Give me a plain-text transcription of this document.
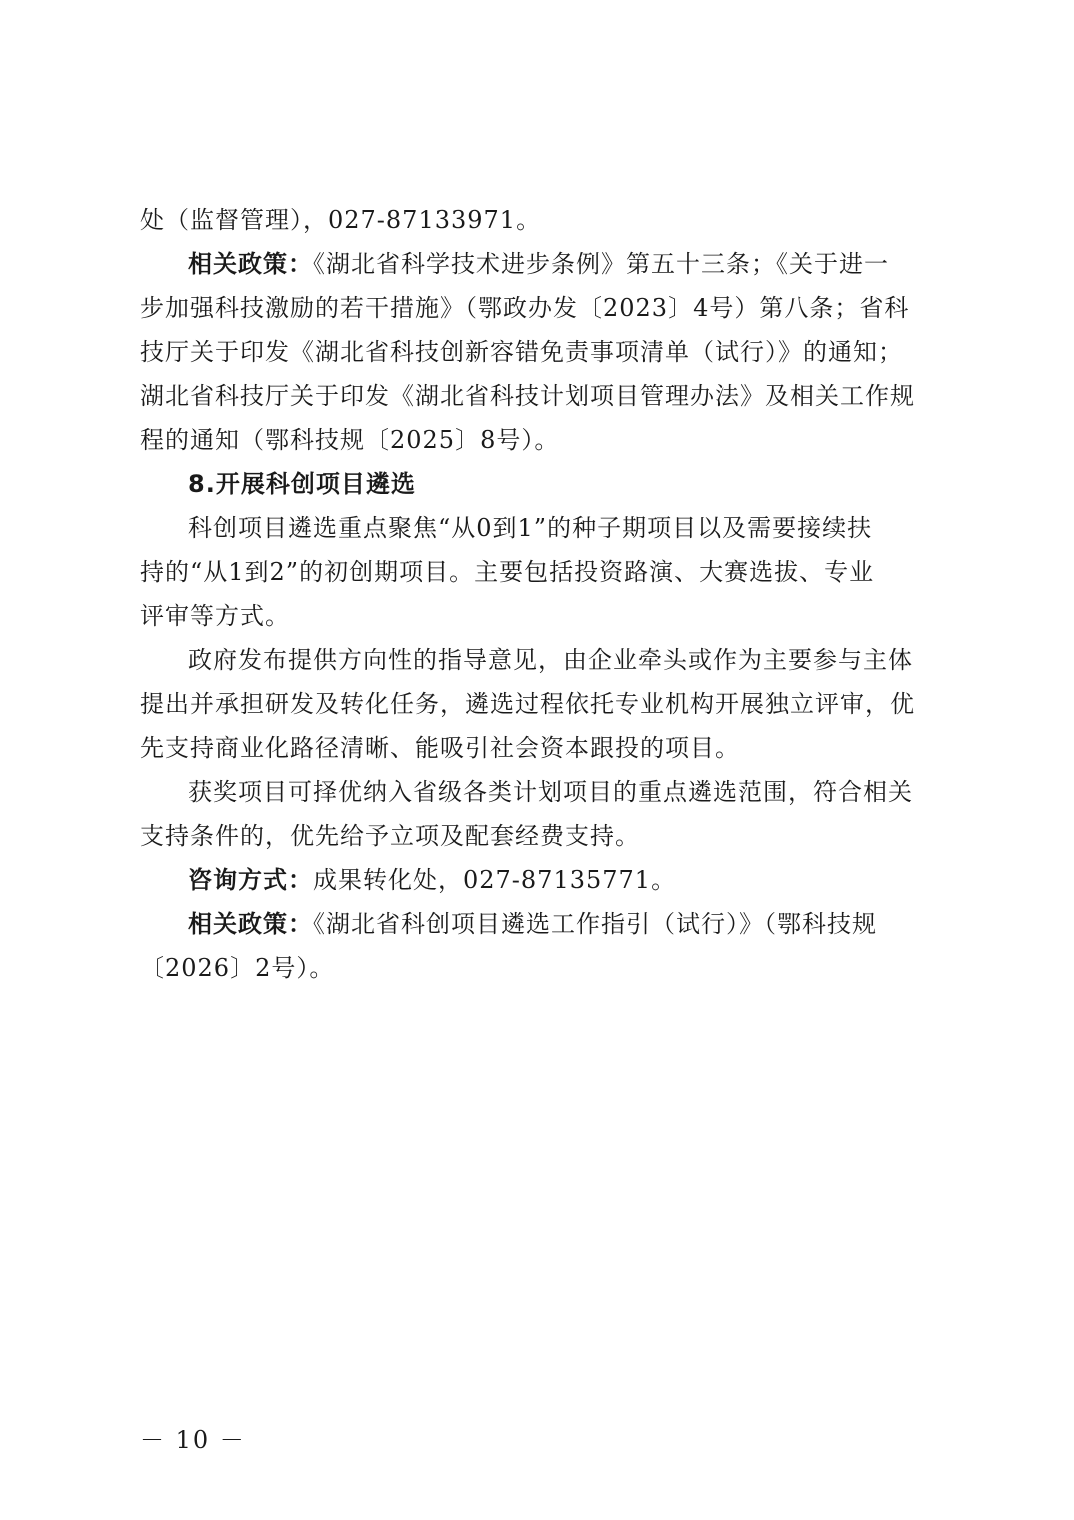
处（监督管理），027-87133971。
相关政策：《湖北省科学技术进步条例》第五十三条；《关于进一
步加强科技激励的若干措施》（鄂政办发〔2023〕4号）第八条；省科
技厅关于印发《湖北省科技创新容错免责事项清单（试行）》的通知；
湖北省科技厅关于印发《湖北省科技计划项目管理办法》及相关工作规
程的通知（鄂科技规〔2025〕8号）。
8.开展科创项目遴选
科创项目遴选重点聚焦“从0到1”的种子期项目以及需要接续扶
持的“从1到2”的初创期项目。主要包括投资路演、大赛选拔、专业
评审等方式。
政府发布提供方向性的指导意见，由企业牵头或作为主要参与主体
提出并承担研发及转化任务，遴选过程依托专业机构开展独立评审，优
先支持商业化路径清晰、能吸引社会资本跟投的项目。
获奖项目可择优纳入省级各类计划项目的重点遴选范围，符合相关
支持条件的，优先给予立项及配套经费支持。
咨询方式：成果转化处，027-87135771。
相关政策：《湖北省科创项目遴选工作指引（试行）》（鄂科技规
〔2026〕2号）。
－ 10 －
